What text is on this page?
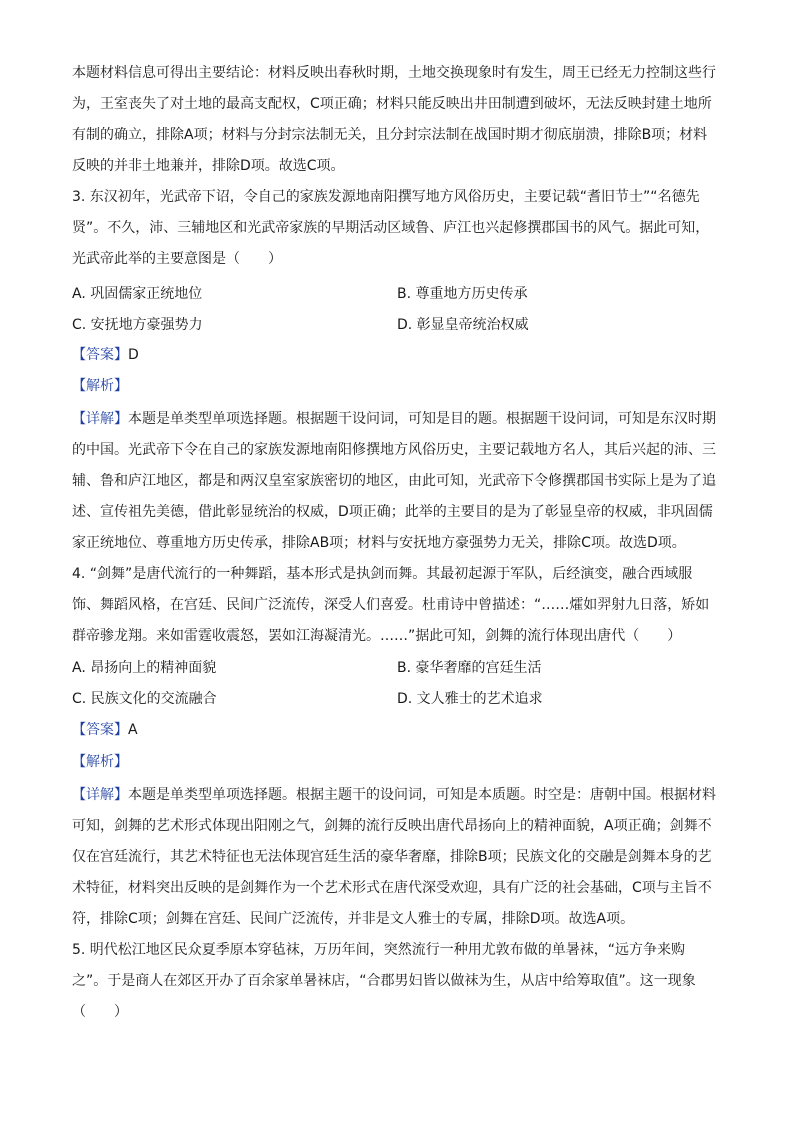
本题材料信息可得出主要结论：材料反映出春秋时期，土地交换现象时有发生，周王已经无力控制这些行
为，王室丧失了对土地的最高支配权，C项正确；材料只能反映出井田制遭到破坏，无法反映封建土地所
有制的确立，排除A项；材料与分封宗法制无关，且分封宗法制在战国时期才彻底崩溃，排除B项；材料
反映的并非土地兼并，排除D项。故选C项。
3. 东汉初年，光武帝下诏，令自己的家族发源地南阳撰写地方风俗历史，主要记载“耆旧节士”“名德先
贤”。不久，沛、三辅地区和光武帝家族的早期活动区域鲁、庐江也兴起修撰郡国书的风气。据此可知，
光武帝此举的主要意图是（　　）
A. 巩固儒家正统地位	B. 尊重地方历史传承
C. 安抚地方豪强势力	D. 彰显皇帝统治权威
【答案】D
【解析】
【详解】本题是单类型单项选择题。根据题干设问词，可知是目的题。根据题干设问词，可知是东汉时期
的中国。光武帝下令在自己的家族发源地南阳修撰地方风俗历史，主要记载地方名人，其后兴起的沛、三
辅、鲁和庐江地区，都是和两汉皇室家族密切的地区，由此可知，光武帝下令修撰郡国书实际上是为了追
述、宣传祖先美德，借此彰显统治的权威，D项正确；此举的主要目的是为了彰显皇帝的权威，非巩固儒
家正统地位、尊重地方历史传承，排除AB项；材料与安抚地方豪强势力无关，排除C项。故选D项。
4. “剑舞”是唐代流行的一种舞蹈，基本形式是执剑而舞。其最初起源于军队，后经演变，融合西域服
饰、舞蹈风格，在宫廷、民间广泛流传，深受人们喜爱。杜甫诗中曾描述：“……㸌如羿射九日落，矫如
群帝骖龙翔。来如雷霆收震怒，罢如江海凝清光。……”据此可知，剑舞的流行体现出唐代（　　）
A. 昂扬向上的精神面貌	B. 豪华奢靡的宫廷生活
C. 民族文化的交流融合	D. 文人雅士的艺术追求
【答案】A
【解析】
【详解】本题是单类型单项选择题。根据主题干的设问词，可知是本质题。时空是：唐朝中国。根据材料
可知，剑舞的艺术形式体现出阳刚之气，剑舞的流行反映出唐代昂扬向上的精神面貌，A项正确；剑舞不
仅在宫廷流行，其艺术特征也无法体现宫廷生活的豪华奢靡，排除B项；民族文化的交融是剑舞本身的艺
术特征，材料突出反映的是剑舞作为一个艺术形式在唐代深受欢迎，具有广泛的社会基础，C项与主旨不
符，排除C项；剑舞在宫廷、民间广泛流传，并非是文人雅士的专属，排除D项。故选A项。
5. 明代松江地区民众夏季原本穿毡袜，万历年间，突然流行一种用尤敦布做的单暑袜，“远方争来购
之”。于是商人在郊区开办了百余家单暑袜店，“合郡男妇皆以做袜为生，从店中给筹取值”。这一现象
（　　）
